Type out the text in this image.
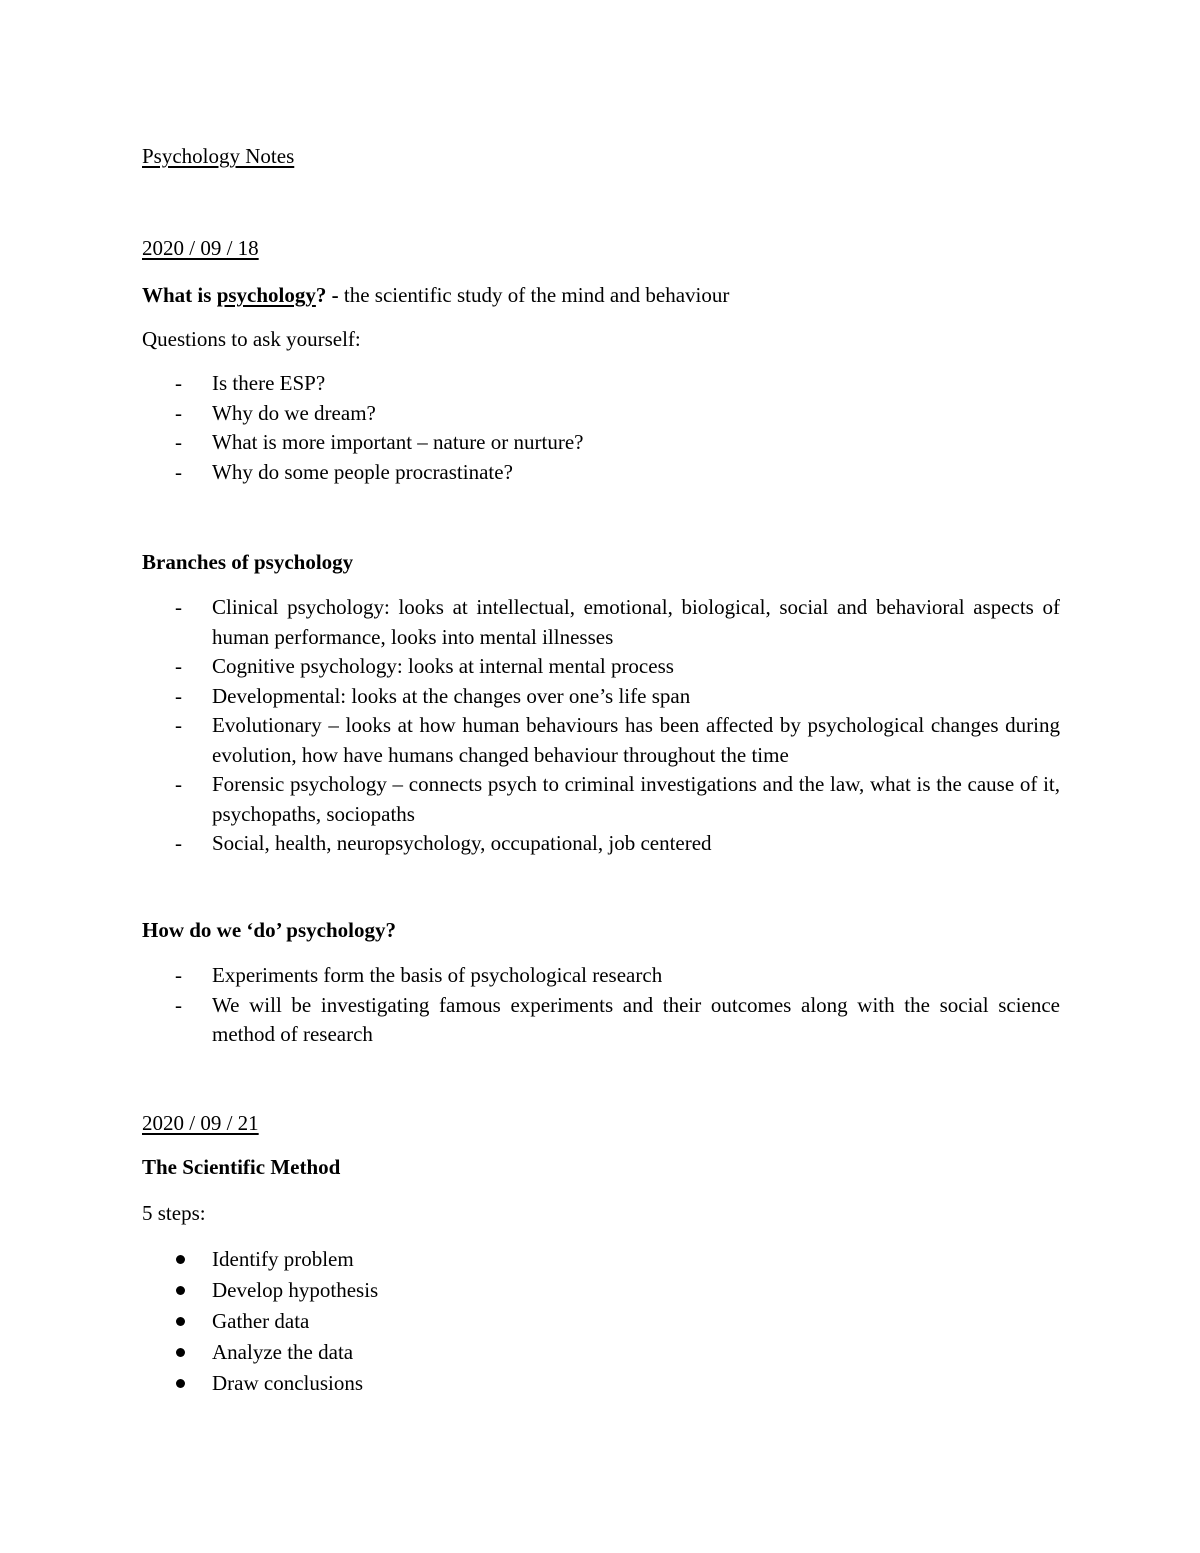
Psychology Notes
2020 / 09 / 18
What is psychology? - the scientific study of the mind and behaviour
Questions to ask yourself:
- Is there ESP?
- Why do we dream?
- What is more important – nature or nurture?
- Why do some people procrastinate?
Branches of psychology
- Clinical psychology: looks at intellectual, emotional, biological, social and behavioral aspects of human performance, looks into mental illnesses
- Cognitive psychology: looks at internal mental process
- Developmental: looks at the changes over one’s life span
- Evolutionary – looks at how human behaviours has been affected by psychological changes during evolution, how have humans changed behaviour throughout the time
- Forensic psychology – connects psych to criminal investigations and the law, what is the cause of it, psychopaths, sociopaths
- Social, health, neuropsychology, occupational, job centered
How do we ‘do’ psychology?
- Experiments form the basis of psychological research
- We will be investigating famous experiments and their outcomes along with the social science method of research
2020 / 09 / 21
The Scientific Method
5 steps:
Identify problem
Develop hypothesis
Gather data
Analyze the data
Draw conclusions
